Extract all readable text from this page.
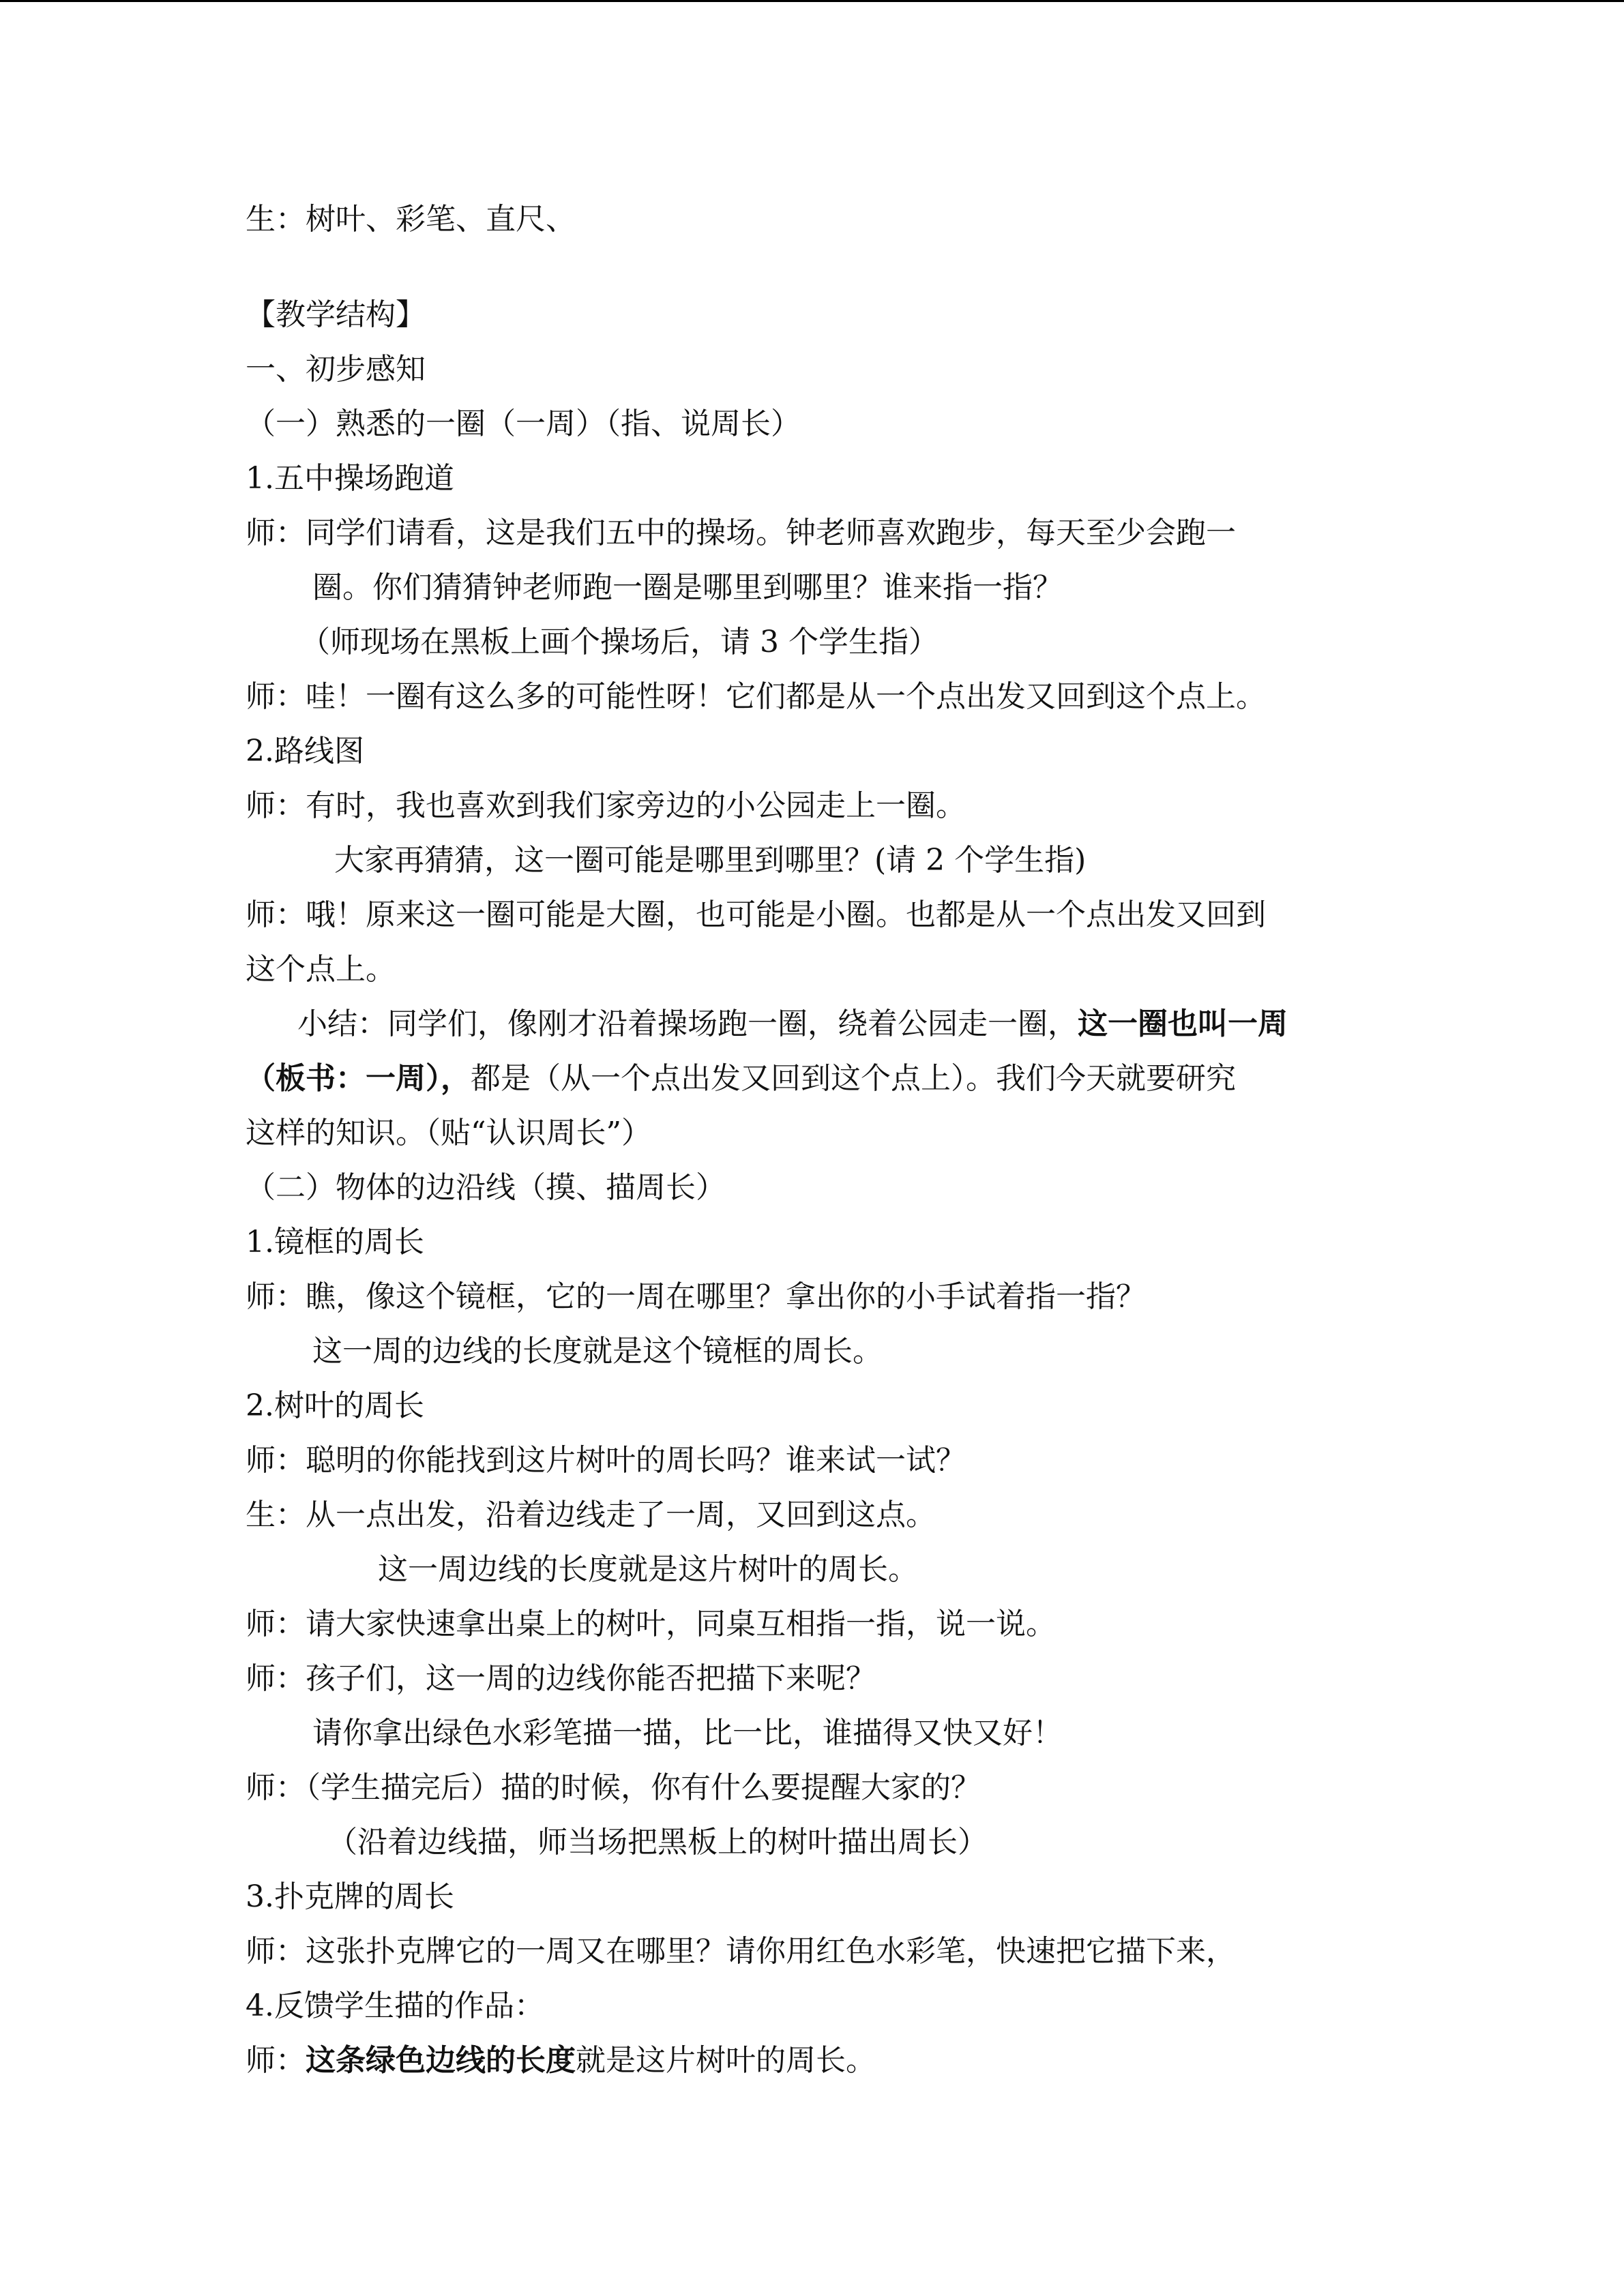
生：树叶、彩笔、直尺、
【教学结构】
一、初步感知
（一）熟悉的一圈（一周）（指、说周长）
1.五中操场跑道
师：同学们请看，这是我们五中的操场。钟老师喜欢跑步，每天至少会跑一
圈。你们猜猜钟老师跑一圈是哪里到哪里？谁来指一指？
（师现场在黑板上画个操场后，请 3 个学生指）
师：哇！一圈有这么多的可能性呀！它们都是从一个点出发又回到这个点上。
2.路线图
师：有时，我也喜欢到我们家旁边的小公园走上一圈。
大家再猜猜，这一圈可能是哪里到哪里？(请 2 个学生指)
师：哦！原来这一圈可能是大圈，也可能是小圈。也都是从一个点出发又回到
这个点上。
小结：同学们，像刚才沿着操场跑一圈，绕着公园走一圈，这一圈也叫一周
（板书：一周），都是（从一个点出发又回到这个点上）。我们今天就要研究
这样的知识。（贴“认识周长”）
（二）物体的边沿线（摸、描周长）
1.镜框的周长
师：瞧，像这个镜框，它的一周在哪里？拿出你的小手试着指一指？
这一周的边线的长度就是这个镜框的周长。
2.树叶的周长
师：聪明的你能找到这片树叶的周长吗？谁来试一试？
生：从一点出发，沿着边线走了一周，又回到这点。
这一周边线的长度就是这片树叶的周长。
师：请大家快速拿出桌上的树叶，同桌互相指一指，说一说。
师：孩子们，这一周的边线你能否把描下来呢？
请你拿出绿色水彩笔描一描，比一比，谁描得又快又好！
师：（学生描完后）描的时候，你有什么要提醒大家的？
（沿着边线描，师当场把黑板上的树叶描出周长）
3.扑克牌的周长
师：这张扑克牌它的一周又在哪里？请你用红色水彩笔，快速把它描下来，
4.反馈学生描的作品：
师：这条绿色边线的长度就是这片树叶的周长。
